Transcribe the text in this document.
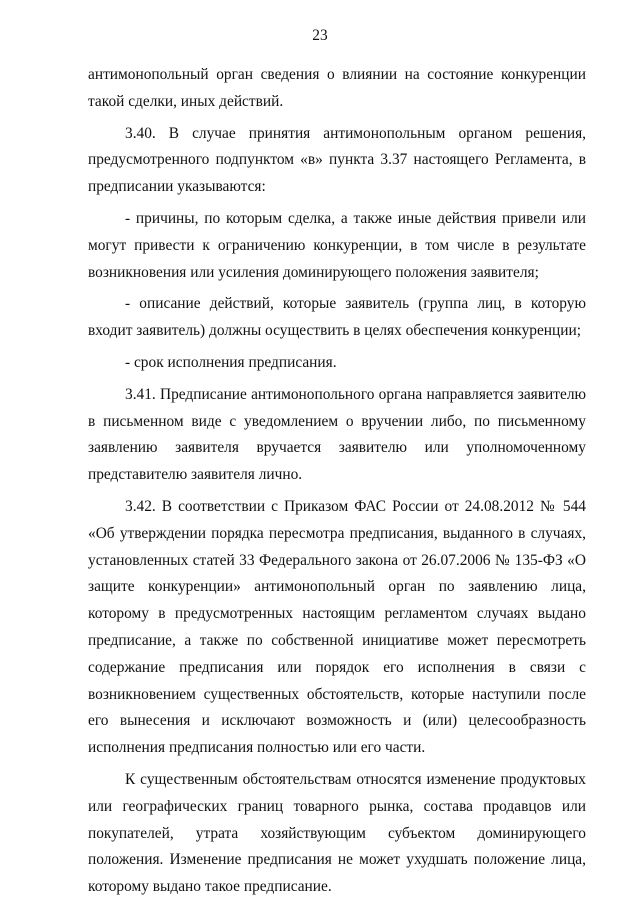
23

антимонопольный орган сведения о влиянии на состояние конкуренции такой сделки, иных действий.

3.40. В случае принятия антимонопольным органом решения, предусмотренного подпунктом «в» пункта 3.37 настоящего Регламента, в предписании указываются:

- причины, по которым сделка, а также иные действия привели или могут привести к ограничению конкуренции, в том числе в результате возникновения или усиления доминирующего положения заявителя;

- описание действий, которые заявитель (группа лиц, в которую входит заявитель) должны осуществить в целях обеспечения конкуренции;

- срок исполнения предписания.

3.41. Предписание антимонопольного органа направляется заявителю в письменном виде с уведомлением о вручении либо, по письменному заявлению заявителя вручается заявителю или уполномоченному представителю заявителя лично.

3.42. В соответствии с Приказом ФАС России от 24.08.2012 № 544 «Об утверждении порядка пересмотра предписания, выданного в случаях, установленных статей 33 Федерального закона от 26.07.2006 № 135-ФЗ «О защите конкуренции» антимонопольный орган по заявлению лица, которому в предусмотренных настоящим регламентом случаях выдано предписание, а также по собственной инициативе может пересмотреть содержание предписания или порядок его исполнения в связи с возникновением существенных обстоятельств, которые наступили после его вынесения и исключают возможность и (или) целесообразность исполнения предписания полностью или его части.

К существенным обстоятельствам относятся изменение продуктовых или географических границ товарного рынка, состава продавцов или покупателей, утрата хозяйствующим субъектом доминирующего положения. Изменение предписания не может ухудшать положение лица, которому выдано такое предписание.
